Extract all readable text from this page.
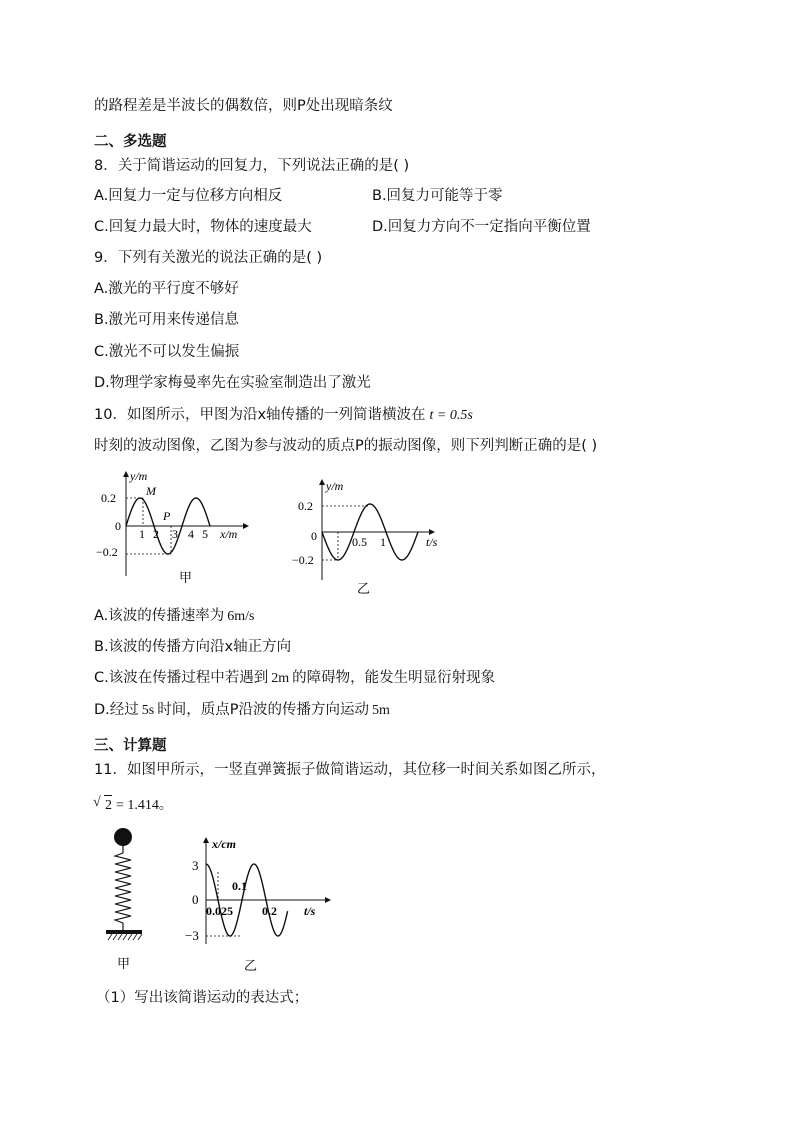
的路程差是半波长的偶数倍，则P处出现暗条纹
二、多选题
8．关于简谐运动的回复力，下列说法正确的是( )
A.回复力一定与位移方向相反	B.回复力可能等于零
C.回复力最大时，物体的速度最大	D.回复力方向不一定指向平衡位置
9．下列有关激光的说法正确的是( )
A.激光的平行度不够好
B.激光可用来传递信息
C.激光不可以发生偏振
D.物理学家梅曼率先在实验室制造出了激光
10．如图所示，甲图为沿x轴传播的一列简谐横波在 t = 0.5s
时刻的波动图像，乙图为参与波动的质点P的振动图像，则下列判断正确的是( )
y/m
0.2
0
−0.2
M
P
1 2 3 4 5 x/m
甲
y/m
0.2
0
−0.2
0.5 1	t/s
乙
A.该波的传播速率为 6m/s
B.该波的传播方向沿x轴正方向
C.该波在传播过程中若遇到 2m 的障碍物，能发生明显衍射现象
D.经过 5s 时间，质点P沿波的传播方向运动 5m
三、计算题
11．如图甲所示，一竖直弹簧振子做简谐运动，其位移一时间关系如图乙所示，
√ 2 = 1.414。
甲
x/cm
3
0
−3
0.025
0.1
0.2 t/s
乙
（1）写出该简谐运动的表达式；
